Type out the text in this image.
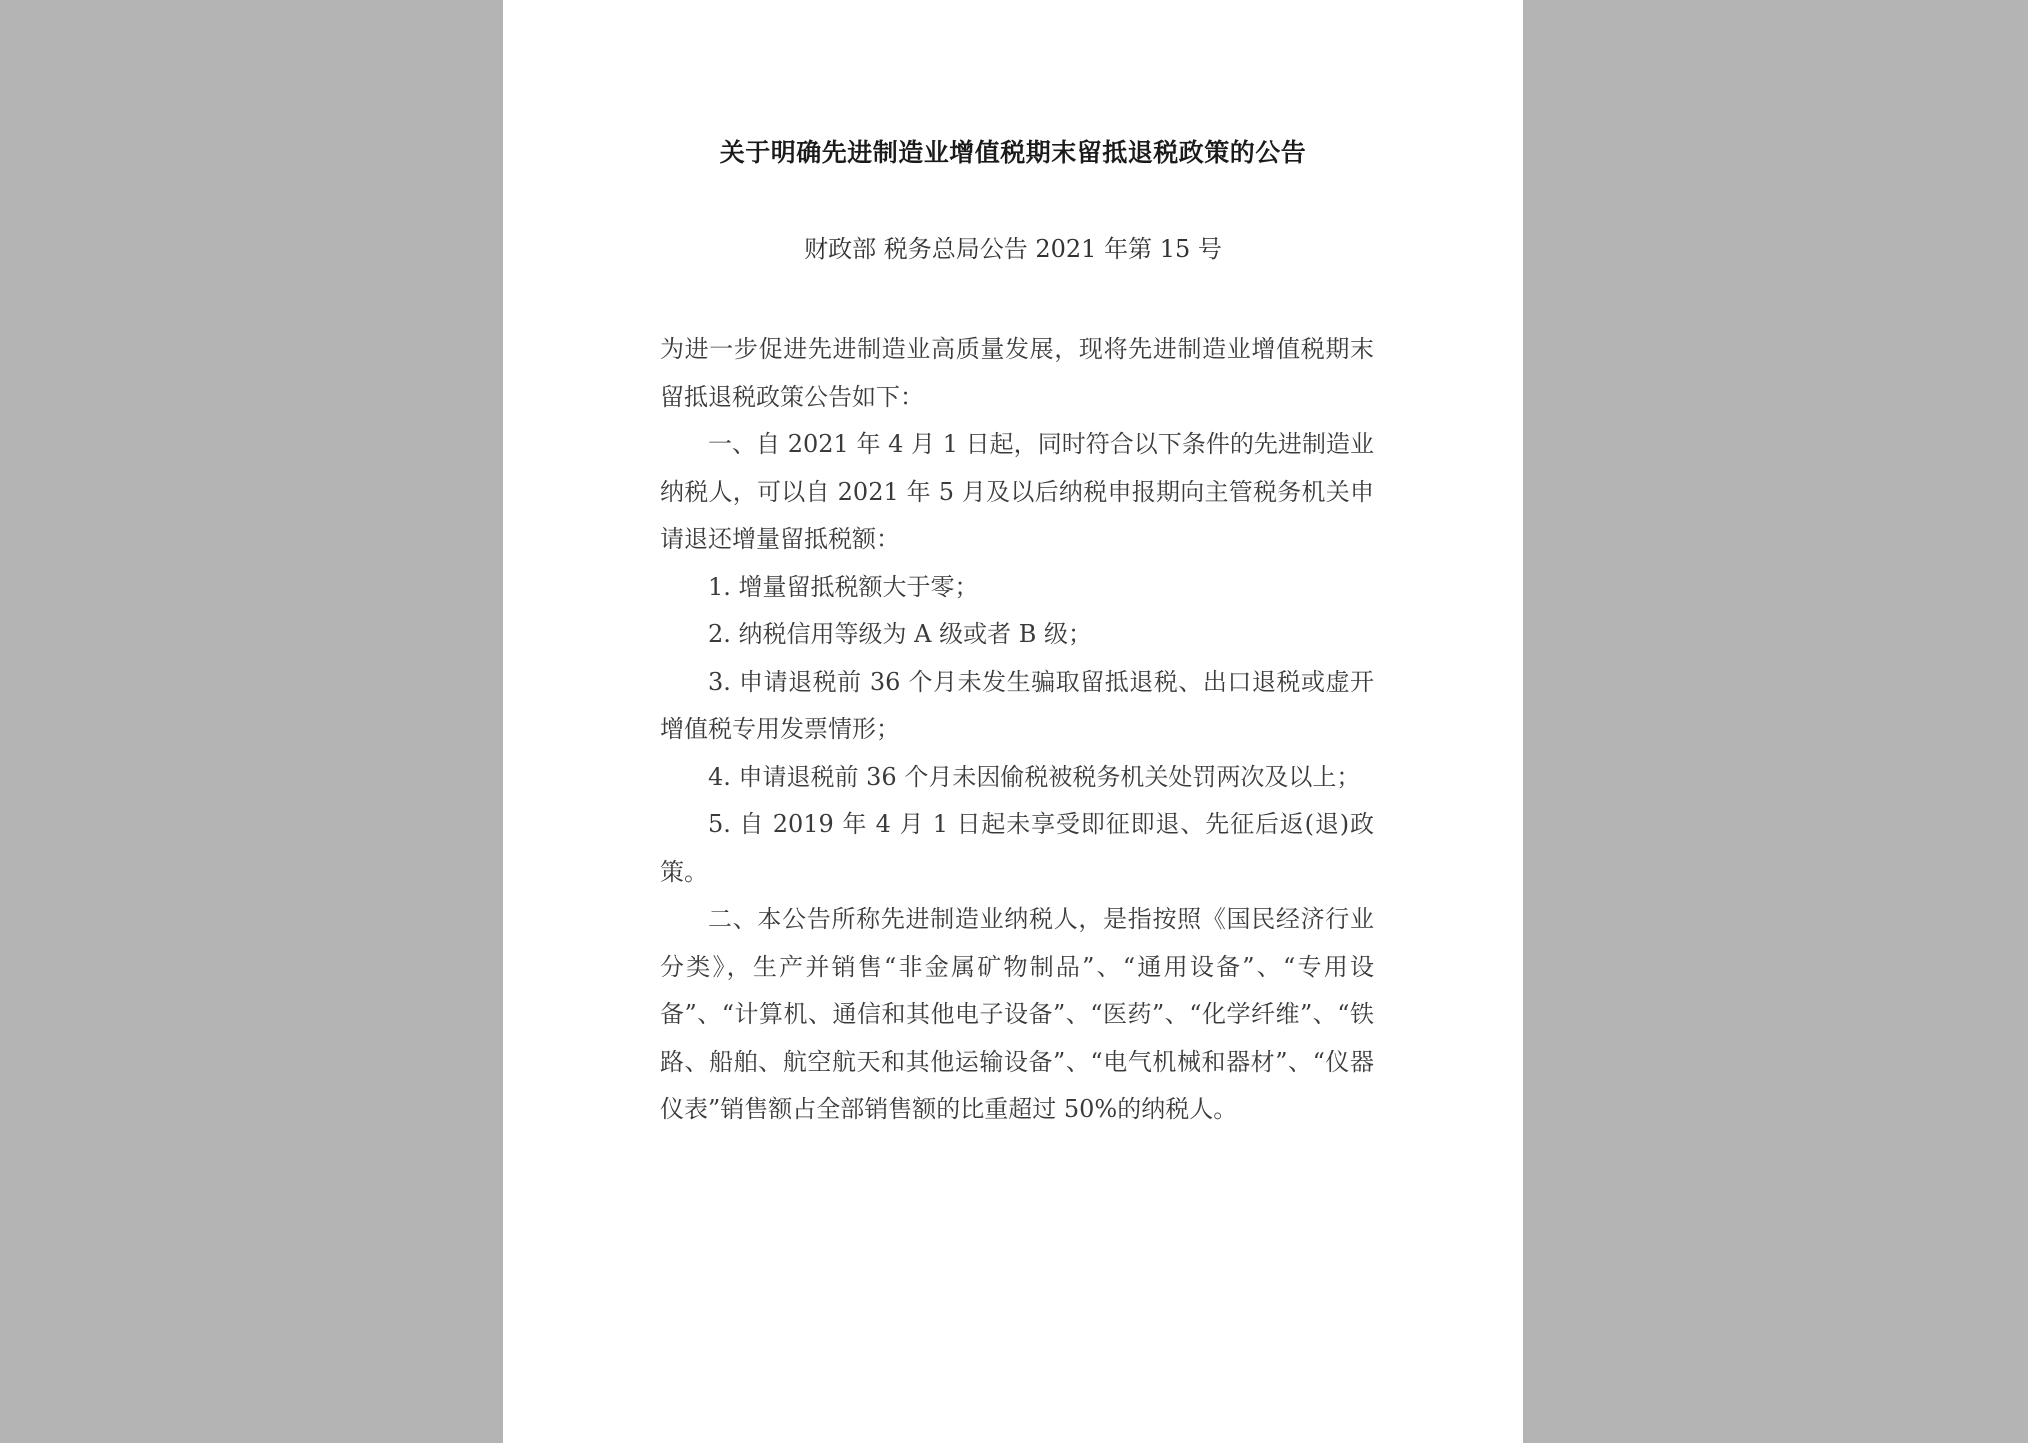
关于明确先进制造业增值税期末留抵退税政策的公告
财政部 税务总局公告 2021 年第 15 号

为进一步促进先进制造业高质量发展，现将先进制造业增值税期末留抵退税政策公告如下：

一、自 2021 年 4 月 1 日起，同时符合以下条件的先进制造业纳税人，可以自 2021 年 5 月及以后纳税申报期向主管税务机关申请退还增量留抵税额：

1. 增量留抵税额大于零；

2. 纳税信用等级为 A 级或者 B 级；

3. 申请退税前 36 个月未发生骗取留抵退税、出口退税或虚开增值税专用发票情形；

4. 申请退税前 36 个月未因偷税被税务机关处罚两次及以上；

5. 自 2019 年 4 月 1 日起未享受即征即退、先征后返(退)政策。

二、本公告所称先进制造业纳税人，是指按照《国民经济行业分类》，生产并销售“非金属矿物制品”、“通用设备”、“专用设备”、“计算机、通信和其他电子设备”、“医药”、“化学纤维”、“铁路、船舶、航空航天和其他运输设备”、“电气机械和器材”、“仪器仪表”销售额占全部销售额的比重超过 50%的纳税人。
